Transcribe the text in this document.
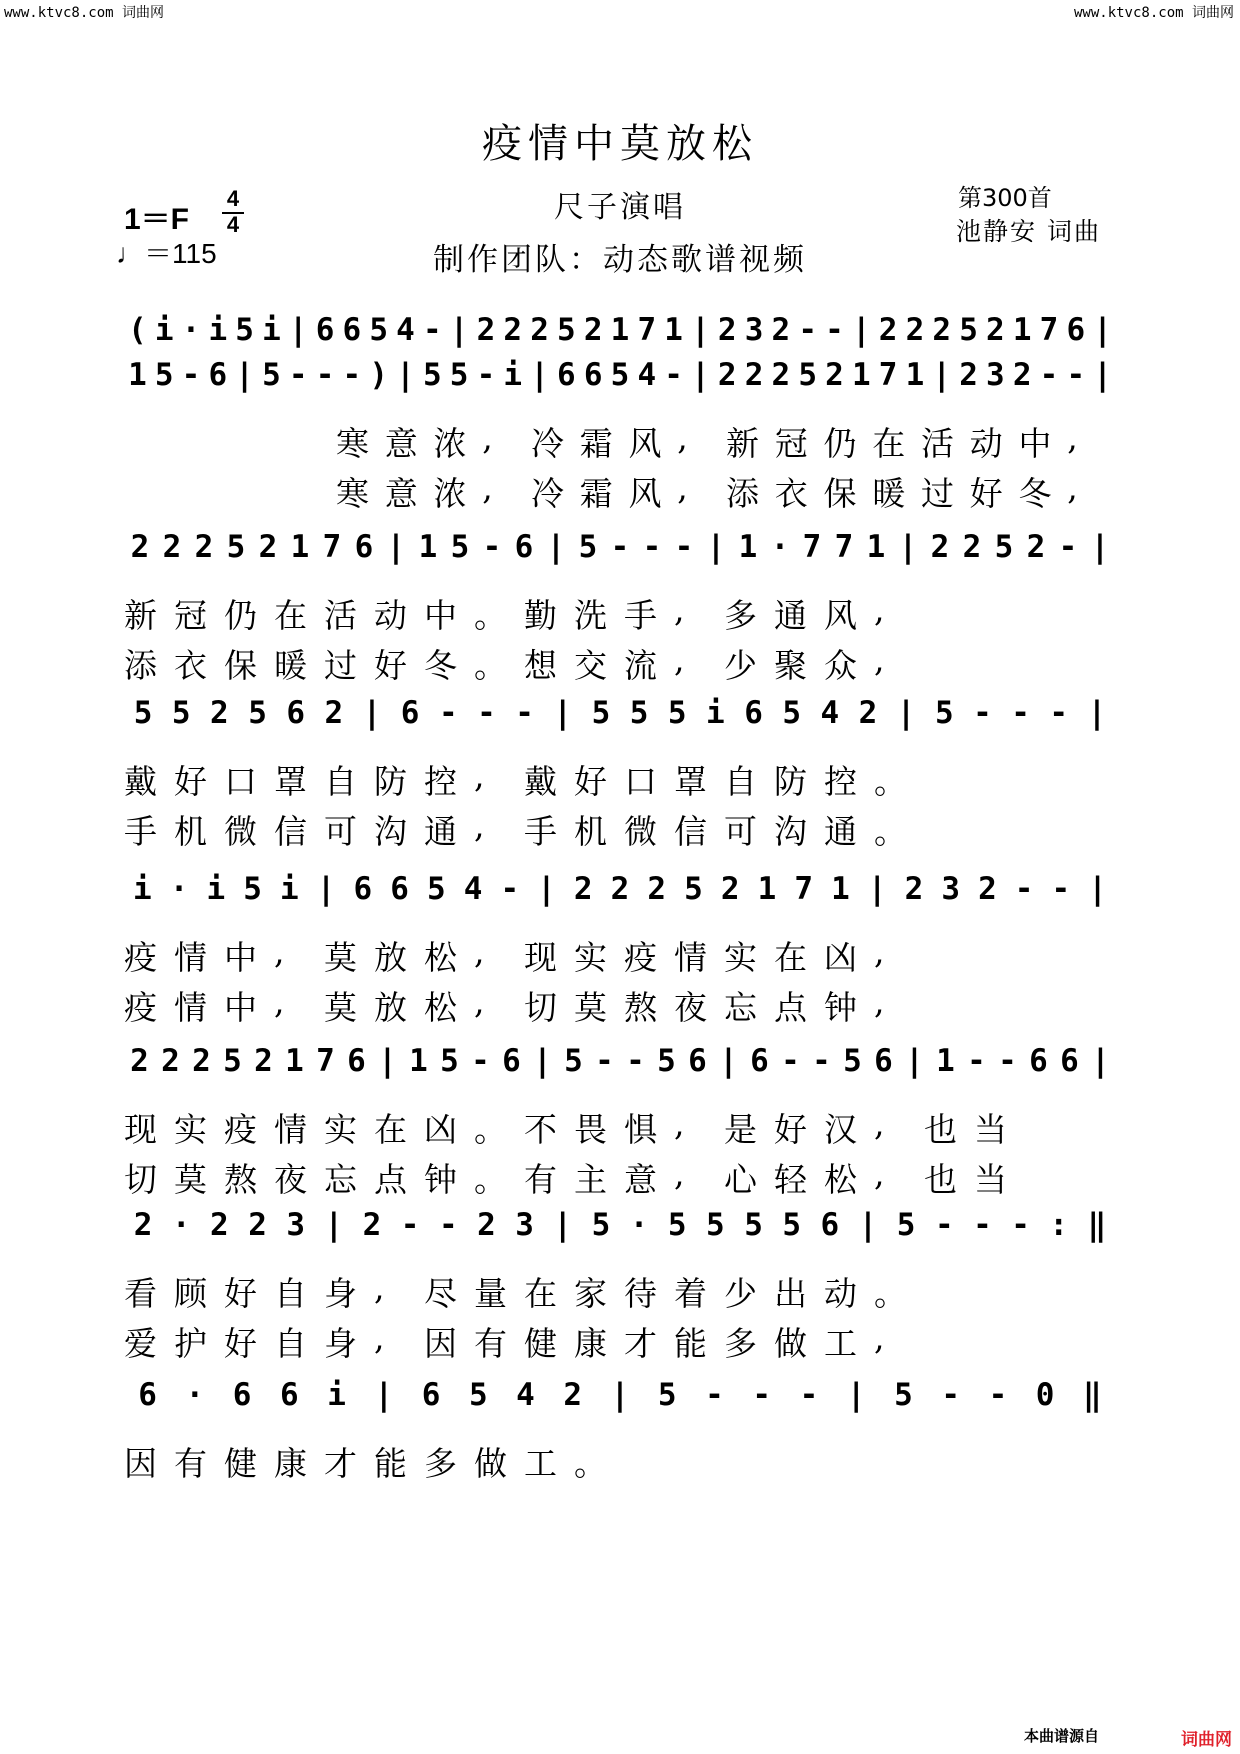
www.ktvc8.com 词曲网	www.ktvc8.com 词曲网
疫情中莫放松
尺子演唱
制作团队：动态歌谱视频
第300首
池静安 词曲
1＝F
4
4
♩＝115
( i · i 5 i | 6 6 5 4 - | 2 2 2 5 2 1 7 1 | 2 3 2 - - | 2 2 2 5 2 1 7 6 |
1 5 - 6 | 5 - - - ) | 5 5 - i | 6 6 5 4 - | 2 2 2 5 2 1 7 1 | 2 3 2 - - |
寒 意 浓 , 冷 霜 风 , 新 冠 仍 在 活 动 中 ,
寒 意 浓 , 冷 霜 风 , 添 衣 保 暖 过 好 冬 ,
2 2 2 5 2 1 7 6 | 1 5 - 6 | 5 - - - | 1 · 7 7 1 | 2 2 5 2 - |
新 冠 仍 在 活 动 中 。 勤 洗 手 , 多 通 风 ,
添 衣 保 暖 过 好 冬 。 想 交 流 , 少 聚 众 ,
5 5 2 5 6 2 | 6 - - - | 5 5 5 i 6 5 4 2 | 5 - - - |
戴 好 口 罩 自 防 控 , 戴 好 口 罩 自 防 控 。
手 机 微 信 可 沟 通 , 手 机 微 信 可 沟 通 。
i · i 5 i | 6 6 5 4 - | 2 2 2 5 2 1 7 1 | 2 3 2 - - |
疫 情 中 , 莫 放 松 , 现 实 疫 情 实 在 凶 ,
疫 情 中 , 莫 放 松 , 切 莫 熬 夜 忘 点 钟 ,
2 2 2 5 2 1 7 6 | 1 5 - 6 | 5 - - 5 6 | 6 - - 5 6 | 1 - - 6 6 |
现 实 疫 情 实 在 凶 。 不 畏 惧 , 是 好 汉 , 也 当
切 莫 熬 夜 忘 点 钟 。 有 主 意 , 心 轻 松 , 也 当
2 · 2 2 3 | 2 - - 2 3 | 5 · 5 5 5 5 6 | 5 - - - : ‖
看 顾 好 自 身 , 尽 量 在 家 待 着 少 出 动 。
爱 护 好 自 身 , 因 有 健 康 才 能 多 做 工 ,
6 · 6 6 i | 6 5 4 2 | 5 - - - | 5 - - 0 ‖
因 有 健 康 才 能 多 做 工 。
本曲谱源自	词曲网
